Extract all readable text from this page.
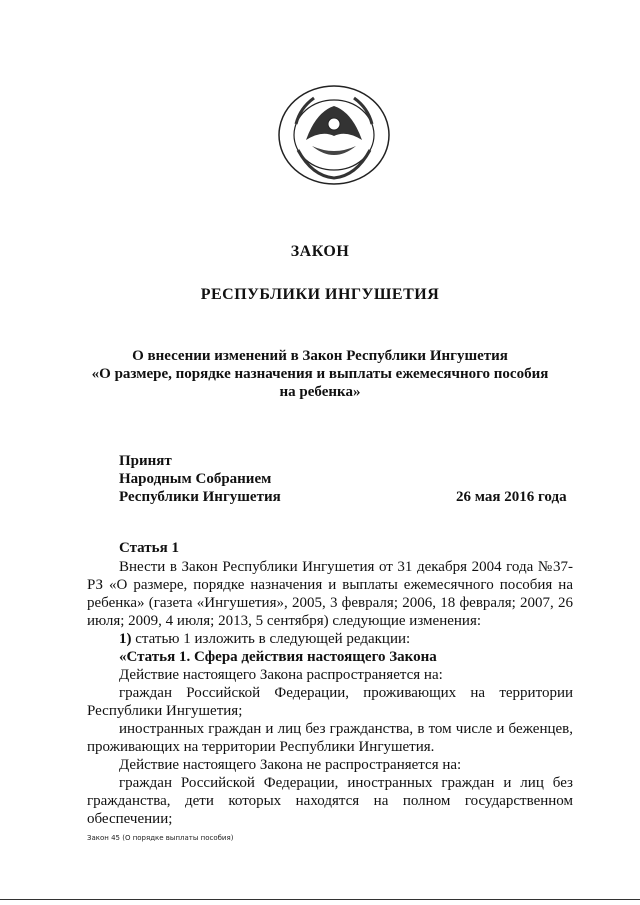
ЗАКОН
РЕСПУБЛИКИ ИНГУШЕТИЯ
О внесении изменений в Закон Республики Ингушетия
«О размере, порядке назначения и выплаты ежемесячного пособия
на ребенка»
Принят
Народным Собранием
Республики Ингушетия	26 мая 2016 года
Статья 1

Внести в Закон Республики Ингушетия от 31 декабря 2004 года №37-РЗ «О размере, порядке назначения и выплаты ежемесячного пособия на ребенка» (газета «Ингушетия», 2005, 3 февраля; 2006, 18 февраля; 2007, 26 июля; 2009, 4 июля; 2013, 5 сентября) следующие изменения:

1) статью 1 изложить в следующей редакции:

«Статья 1. Сфера действия настоящего Закона

Действие настоящего Закона распространяется на:

граждан Российской Федерации, проживающих на территории Республики Ингушетия;

иностранных граждан и лиц без гражданства, в том числе и беженцев, проживающих на территории Республики Ингушетия.

Действие настоящего Закона не распространяется на:

граждан Российской Федерации, иностранных граждан и лиц без гражданства, дети которых находятся на полном государственном обеспечении;

Закон 45 (О порядке выплаты пособия)
